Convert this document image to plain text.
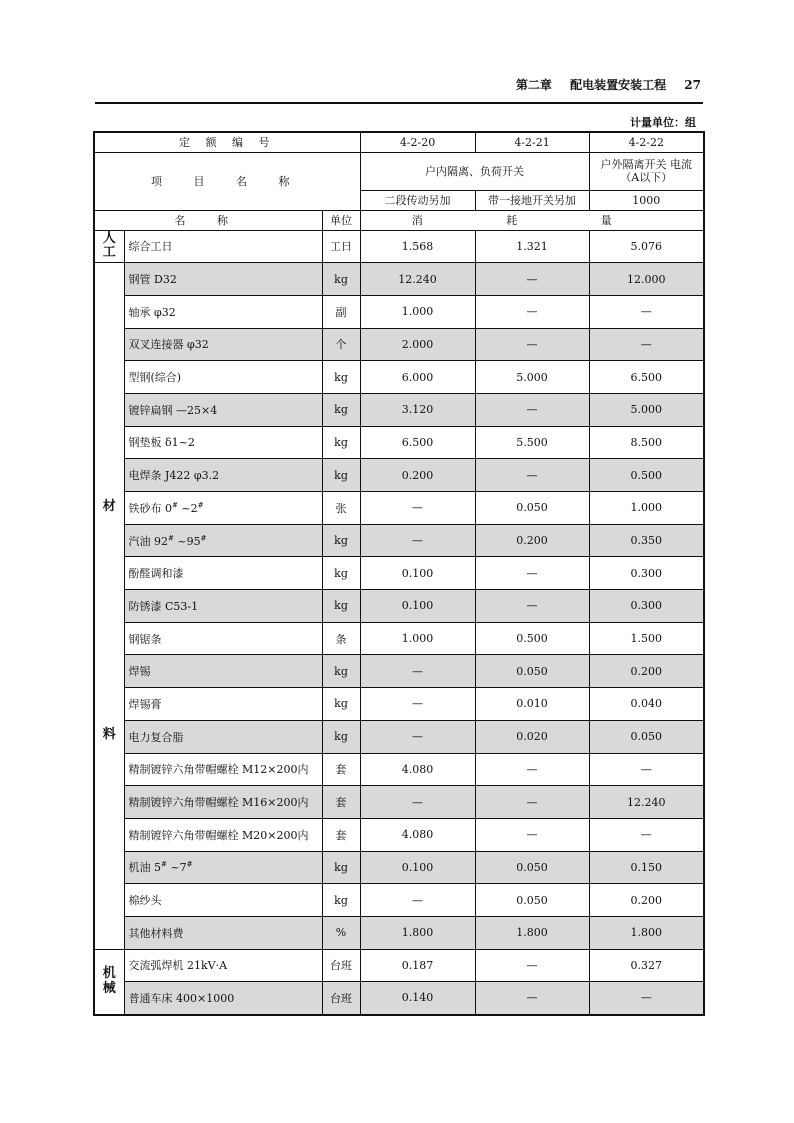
第二章 配电装置安装工程 27
计量单位：组
定 额 编 号			4-2-20	4-2-21	4-2-22
项 目 名 称			户内隔离、负荷开关		户外隔离开关 电流（A以下）
			二段传动另加	带一接地开关另加	1000
名 称		单位	消 耗 量		
人工	综合工日	工日	1.568	1.321	5.076

材
料	钢管 D32	kg	12.240	—	12.000
	轴承 φ32	副	1.000	—	—
	双叉连接器 φ32	个	2.000	—	—
	型钢(综合)	kg	6.000	5.000	6.500
	镀锌扁钢 —25×4	kg	3.120	—	5.000
	钢垫板 δ1~2	kg	6.500	5.500	8.500
	电焊条 J422 φ3.2	kg	0.200	—	0.500
	铁砂布 0# ~2#	张	—	0.050	1.000
	汽油 92# ~95#	kg	—	0.200	0.350
	酚醛调和漆	kg	0.100	—	0.300
	防锈漆 C53-1	kg	0.100	—	0.300
	钢锯条	条	1.000	0.500	1.500
	焊锡	kg	—	0.050	0.200
	焊锡膏	kg	—	0.010	0.040
	电力复合脂	kg	—	0.020	0.050
	精制镀锌六角带帽螺栓 M12×200内	套	4.080	—	—
	精制镀锌六角带帽螺栓 M16×200内	套	—	—	12.240
	精制镀锌六角带帽螺栓 M20×200内	套	4.080	—	—
	机油 5# ~7#	kg	0.100	0.050	0.150
	棉纱头	kg	—	0.050	0.200
	其他材料费	%	1.800	1.800	1.800
机械	交流弧焊机 21kV·A	台班	0.187	—	0.327
	普通车床 400×1000	台班	0.140	—	—
